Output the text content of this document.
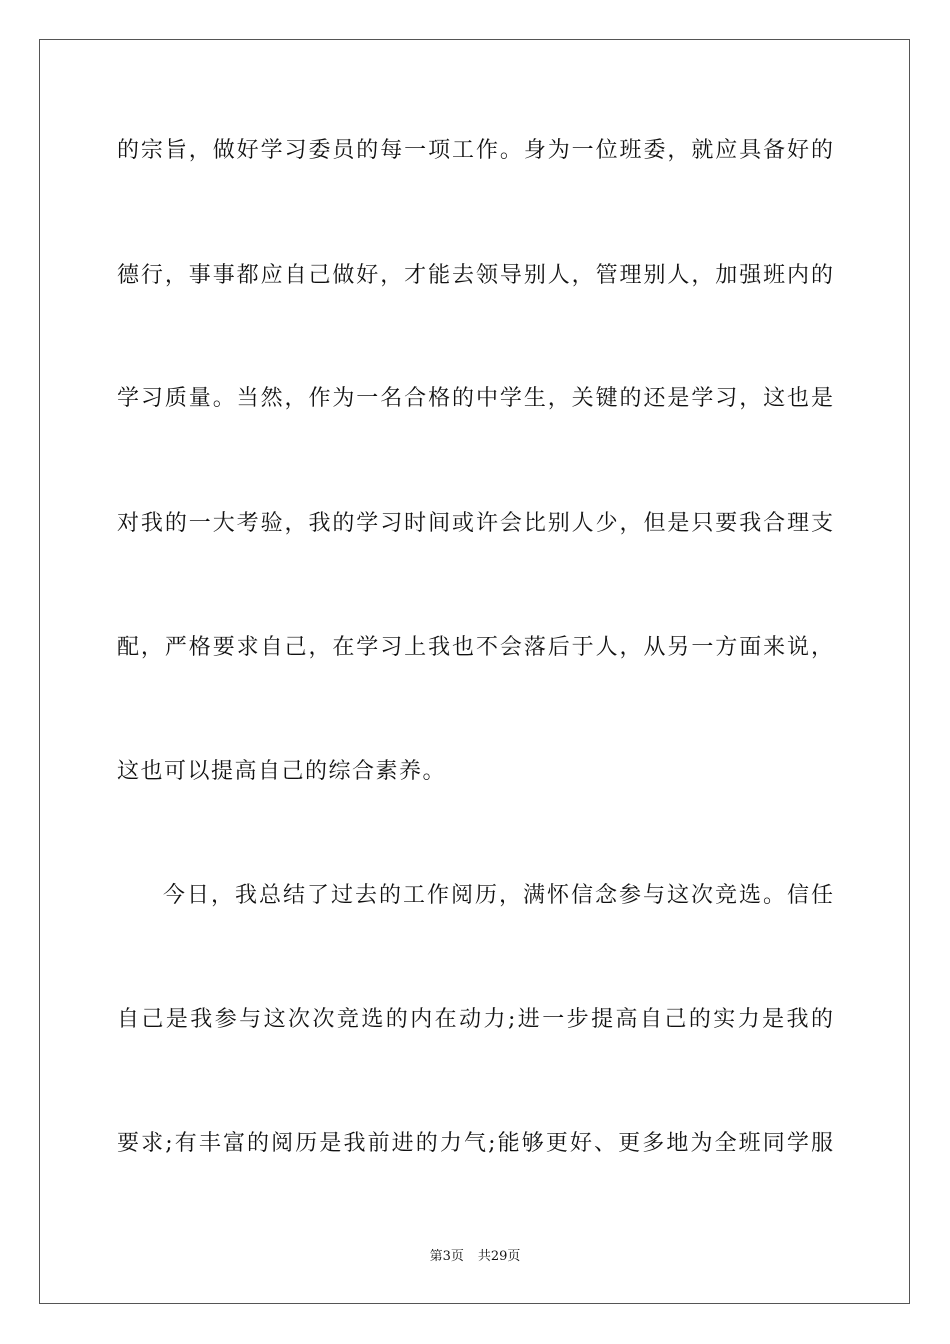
的宗旨，做好学习委员的每一项工作。身为一位班委，就应具备好的
德行，事事都应自己做好，才能去领导别人，管理别人，加强班内的
学习质量。当然，作为一名合格的中学生，关键的还是学习，这也是
对我的一大考验，我的学习时间或许会比别人少，但是只要我合理支
配，严格要求自己，在学习上我也不会落后于人，从另一方面来说，
这也可以提高自己的综合素养。
今日，我总结了过去的工作阅历，满怀信念参与这次竞选。信任
自己是我参与这次次竞选的内在动力;进一步提高自己的实力是我的
要求;有丰富的阅历是我前进的力气;能够更好、更多地为全班同学服
第3页 共29页
